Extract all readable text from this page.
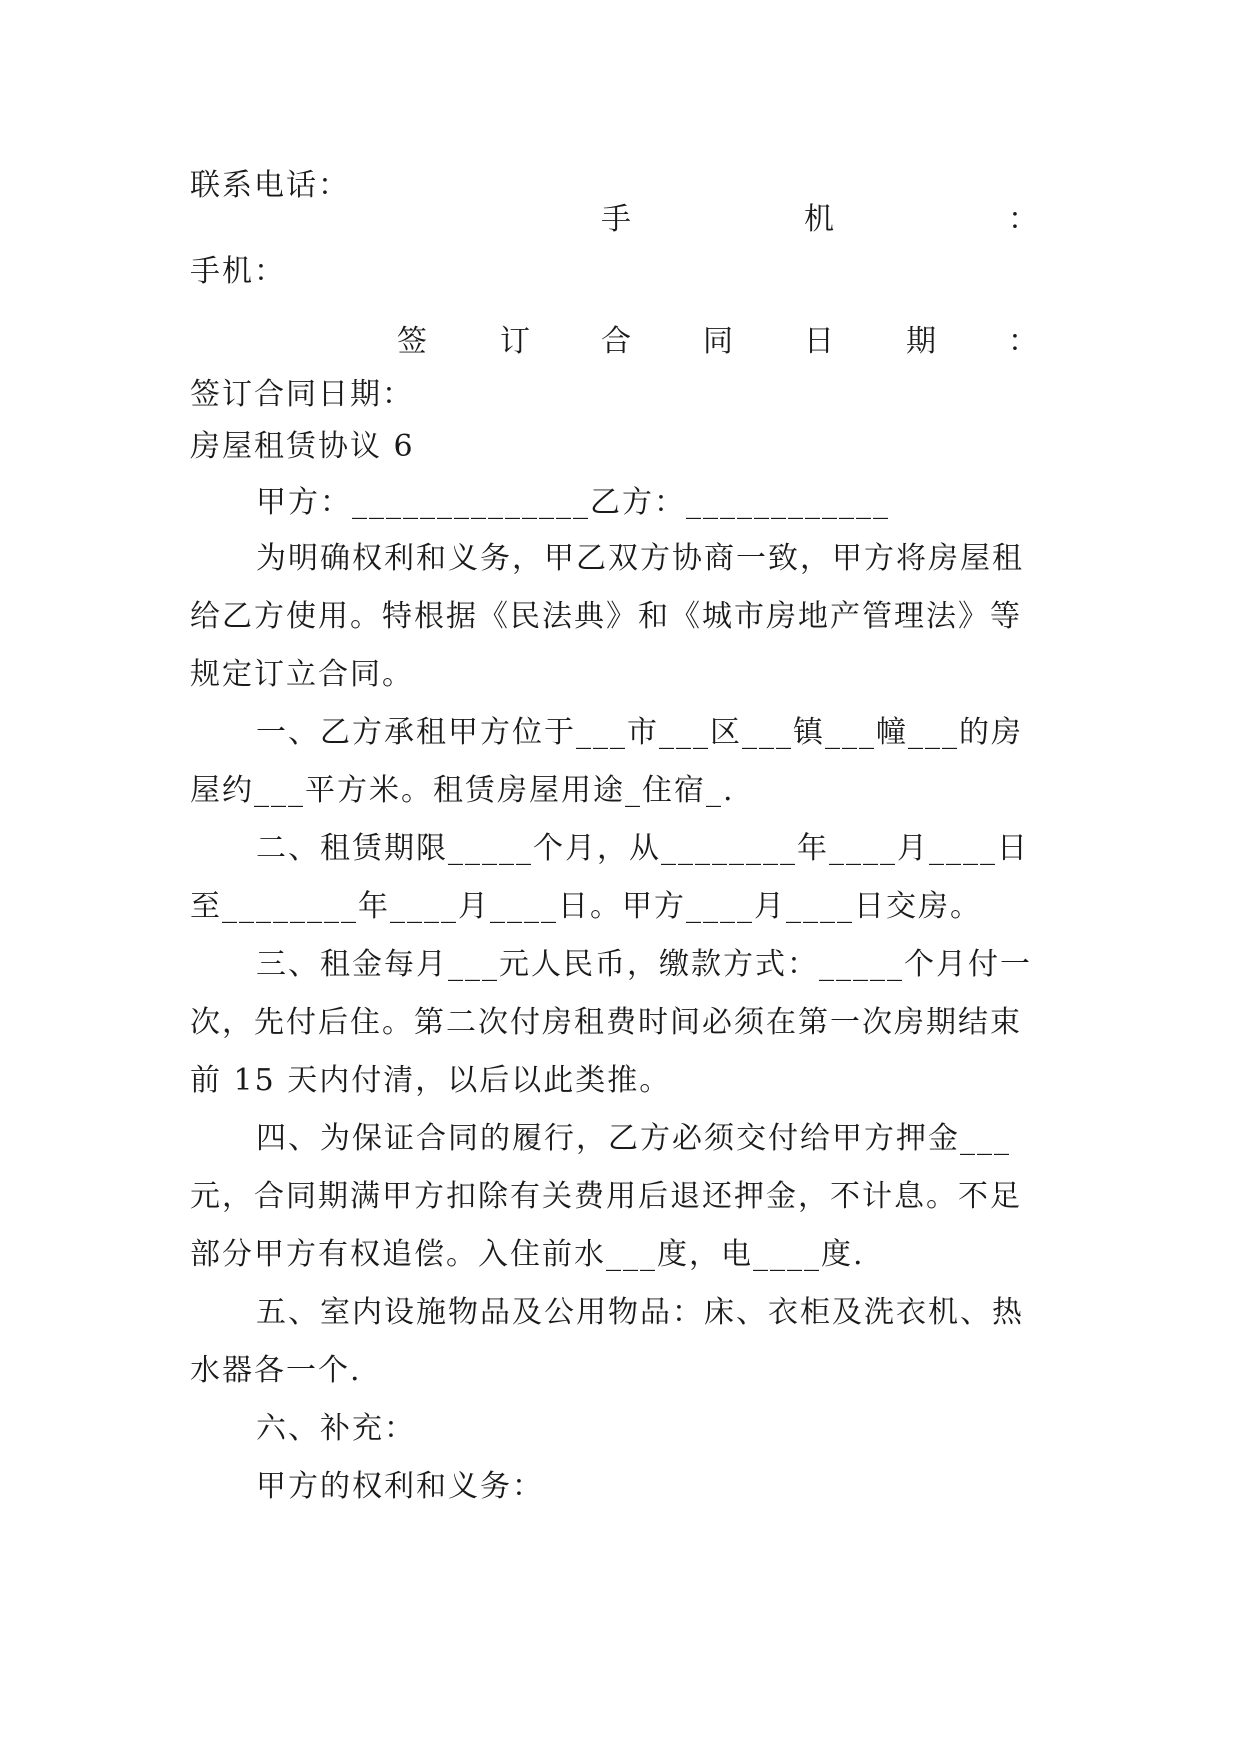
联系电话：
手	机	：
手机：
签 订 合 同 日 期 ：
签订合同日期：
房屋租赁协议 6
甲方：______________乙方：____________
为明确权利和义务，甲乙双方协商一致，甲方将房屋租
给乙方使用。特根据《民法典》和《城市房地产管理法》等
规定订立合同。
一、乙方承租甲方位于___市___区___镇___幢___的房
屋约___平方米。租赁房屋用途_住宿_.
二、租赁期限_____个月，从________年____月____日
至________年____月____日。甲方____月____日交房。
三、租金每月___元人民币，缴款方式：_____个月付一
次，先付后住。第二次付房租费时间必须在第一次房期结束
前 15 天内付清，以后以此类推。
四、为保证合同的履行，乙方必须交付给甲方押金___
元，合同期满甲方扣除有关费用后退还押金，不计息。不足
部分甲方有权追偿。入住前水___度，电____度.
五、室内设施物品及公用物品：床、衣柜及洗衣机、热
水器各一个.
六、补充：
甲方的权利和义务：
